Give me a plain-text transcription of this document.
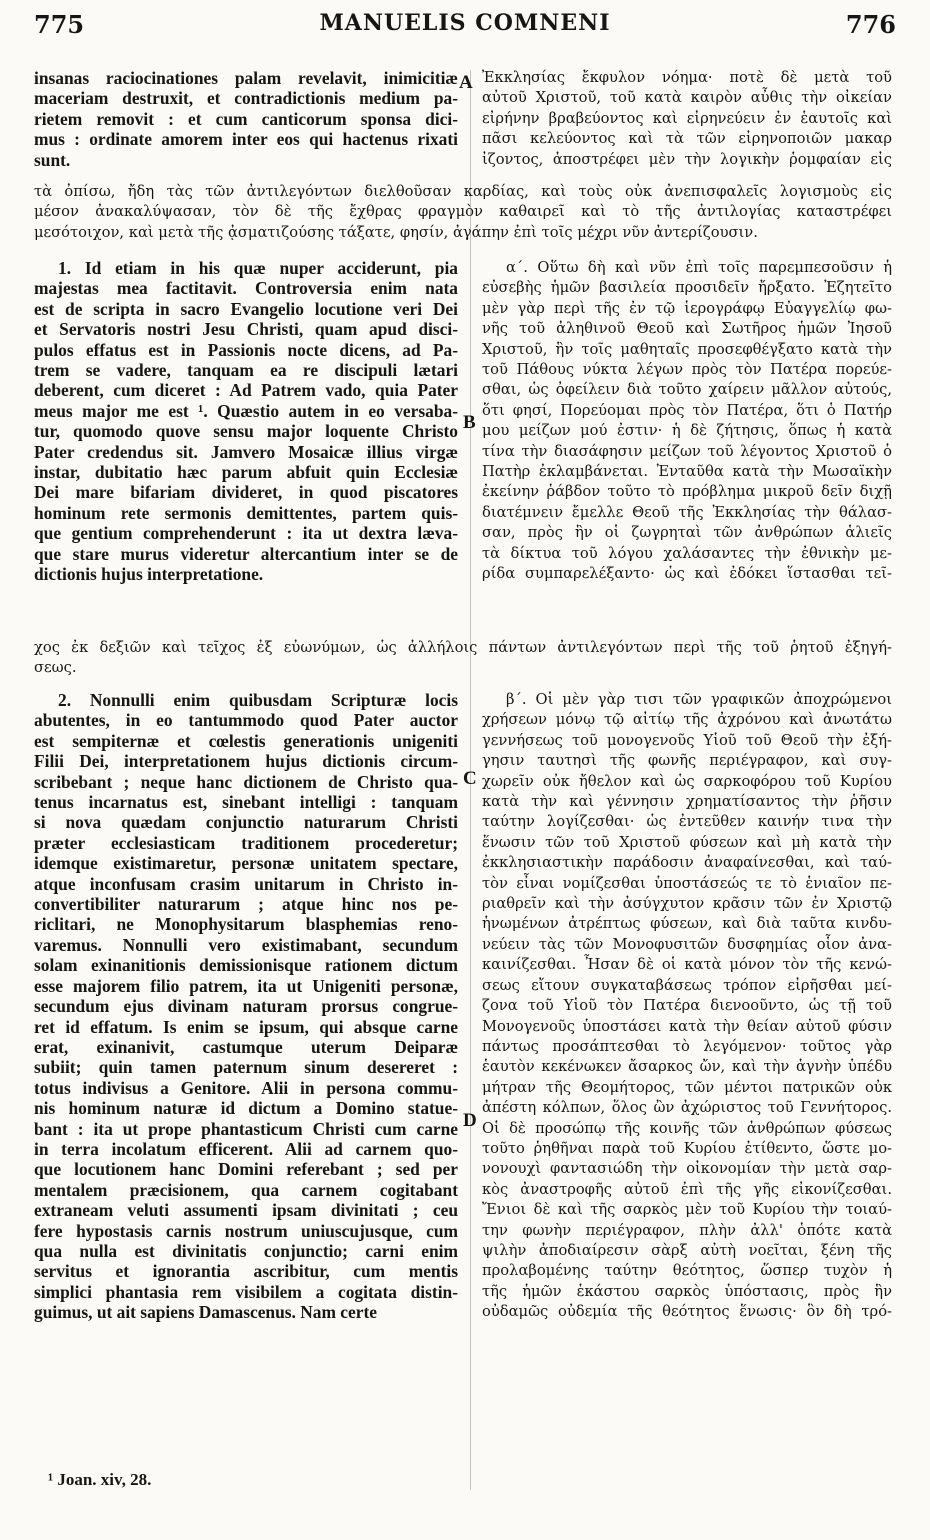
775	MANUELIS COMNENI	776
A
B
C
D
insanas raciocinationes palam revelavit, inimicitiæ
maceriam destruxit, et contradictionis medium pa-
rietem removit : et cum canticorum sponsa dici-
mus : ordinate amorem inter eos qui hactenus rixati
sunt.
Ἐκκλησίας ἔκφυλον νόημα· ποτὲ δὲ μετὰ τοῦ
αὐτοῦ Χριστοῦ, τοῦ κατὰ καιρὸν αὖθις τὴν οἰκείαν
εἰρήνην βραβεύοντος καὶ εἰρηνεύειν ἐν ἑαυτοῖς καὶ
πᾶσι κελεύοντος καὶ τὰ τῶν εἰρηνοποιῶν μακαρ
ἰζοντος, ἀποστρέφει μὲν τὴν λογικὴν ῥομφαίαν εἰς
τὰ ὀπίσω, ἤδη τὰς τῶν ἀντιλεγόντων διελθοῦσαν καρδίας, καὶ τοὺς οὐκ ἀνεπισφαλεῖς λογισμοὺς εἰς
μέσον ἀνακαλύψασαν, τὸν δὲ τῆς ἔχθρας φραγμὸν καθαιρεῖ καὶ τὸ τῆς ἀντιλογίας καταστρέφει
μεσότοιχον, καὶ μετὰ τῆς ᾀσματιζούσης τάξατε, φησίν, ἀγάπην ἐπὶ τοῖς μέχρι νῦν ἀντερίζουσιν.
1. Id etiam in his quæ nuper acciderunt, pia
majestas mea factitavit. Controversia enim nata
est de scripta in sacro Evangelio locutione veri Dei
et Servatoris nostri Jesu Christi, quam apud disci-
pulos effatus est in Passionis nocte dicens, ad Pa-
trem se vadere, tanquam ea re discipuli lætari
deberent, cum diceret : Ad Patrem vado, quia Pater
meus major me est ¹. Quæstio autem in eo versaba-
tur, quomodo quove sensu major loquente Christo
Pater credendus sit. Jamvero Mosaicæ illius virgæ
instar, dubitatio hæc parum abfuit quin Ecclesiæ
Dei mare bifariam divideret, in quod piscatores
hominum rete sermonis demittentes, partem quis-
que gentium comprehenderunt : ita ut dextra lævа-
que stare murus videretur altercantium inter se de
dictionis hujus interpretatione.
α΄. Οὕτω δὴ καὶ νῦν ἐπὶ τοῖς παρεμπεσοῦσιν ἡ
εὐσεβὴς ἡμῶν βασιλεία προσιδεῖν ἤρξατο. Ἐζητεῖτο
μὲν γὰρ περὶ τῆς ἐν τῷ ἱερογράφῳ Εὐαγγελίῳ φω-
νῆς τοῦ ἀληθινοῦ Θεοῦ καὶ Σωτῆρος ἡμῶν Ἰησοῦ
Χριστοῦ, ἣν τοῖς μαθηταῖς προσεφθέγξατο κατὰ τὴν
τοῦ Πάθους νύκτα λέγων πρὸς τὸν Πατέρα πορεύε-
σθαι, ὡς ὀφείλειν διὰ τοῦτο χαίρειν μᾶλλον αὐτούς,
ὅτι φησί, Πορεύομαι πρὸς τὸν Πατέρα, ὅτι ὁ Πατήρ
μου μείζων μού ἐστιν· ἡ δὲ ζήτησις, ὅπως ἡ κατὰ
τίνα τὴν διασάφησιν μείζων τοῦ λέγοντος Χριστοῦ ὁ
Πατὴρ ἐκλαμβάνεται. Ἐνταῦθα κατὰ τὴν Μωσαϊκὴν
ἐκείνην ῥάβδον τοῦτο τὸ πρόβλημα μικροῦ δεῖν διχῇ
διατέμνειν ἔμελλε Θεοῦ τῆς Ἐκκλησίας τὴν θάλασ-
σαν, πρὸς ἣν οἱ ζωγρηταὶ τῶν ἀνθρώπων ἁλιεῖς
τὰ δίκτυα τοῦ λόγου χαλάσαντες τὴν ἐθνικὴν με-
ρίδα συμπαρελέξαντο· ὡς καὶ ἐδόκει ἵστασθαι τεῖ-
χος ἐκ δεξιῶν καὶ τεῖχος ἐξ εὐωνύμων, ὡς ἀλλήλοις πάντων ἀντιλεγόντων περὶ τῆς τοῦ ῥητοῦ ἐξηγή-
σεως.
2. Nonnulli enim quibusdam Scripturæ locis
abutentes, in eo tantummodo quod Pater auctor
est sempiternæ et cœlestis generationis unigeniti
Filii Dei, interpretationem hujus dictionis circum-
scribebant ; neque hanc dictionem de Christo qua-
tenus incarnatus est, sinebant intelligi : tanquam
si nova quædam conjunctio naturarum Christi
præter ecclesiasticam traditionem procederetur;
idemque existimaretur, personæ unitatem spectare,
atque inconfusam crasim unitarum in Christo in-
convertibiliter naturarum ; atque hinc nos pe-
riclitari, ne Monophysitarum blasphemias reno-
varemus. Nonnulli vero existimabant, secundum
solam exinanitionis demissionisque rationem dictum
esse majorem filio patrem, ita ut Unigeniti personæ,
secundum ejus divinam naturam prorsus congrue-
ret id effatum. Is enim se ipsum, qui absque carne
erat, exinanivit, castumque uterum Deiparæ
subiit; quin tamen paternum sinum desereret :
totus indivisus a Genitore. Alii in persona commu-
nis hominum naturæ id dictum a Domino statue-
bant : ita ut prope phantasticum Christi cum carne
in terra incolatum efficerent. Alii ad carnem quo-
que locutionem hanc Domini referebant ; sed per
mentalem præcisionem, qua carnem cogitabant
extraneam veluti assumenti ipsam divinitati ; ceu
fere hypostasis carnis nostrum uniuscujusque, cum
qua nulla est divinitatis conjunctio; carni enim
servitus et ignorantia ascribitur, cum mentis
simplici phantasia rem visibilem a cogitata distin-
guimus, ut ait sapiens Damascenus. Nam certe
β΄. Οἱ μὲν γὰρ τισι τῶν γραφικῶν ἀποχρώμενοι
χρήσεων μόνῳ τῷ αἰτίῳ τῆς ἀχρόνου καὶ ἀνωτάτω
γεννήσεως τοῦ μονογενοῦς Υἱοῦ τοῦ Θεοῦ τὴν ἐξή-
γησιν ταυτησὶ τῆς φωνῆς περιέγραφον, καὶ συγ-
χωρεῖν οὐκ ἤθελον καὶ ὡς σαρκοφόρου τοῦ Κυρίου
κατὰ τὴν καὶ γέννησιν χρηματίσαντος τὴν ῥῆσιν
ταύτην λογίζεσθαι· ὡς ἐντεῦθεν καινήν τινα τὴν
ἕνωσιν τῶν τοῦ Χριστοῦ φύσεων καὶ μὴ κατὰ τὴν
ἐκκλησιαστικὴν παράδοσιν ἀναφαίνεσθαι, καὶ ταύ-
τὸν εἶναι νομίζεσθαι ὑποστάσεώς τε τὸ ἑνιαῖον πε-
ριαθρεῖν καὶ τὴν ἀσύγχυτον κρᾶσιν τῶν ἐν Χριστῷ
ἡνωμένων ἀτρέπτως φύσεων, καὶ διὰ ταῦτα κινδυ-
νεύειν τὰς τῶν Μονοφυσιτῶν δυσφημίας οἷον ἀνα-
καινίζεσθαι. Ἦσαν δὲ οἱ κατὰ μόνον τὸν τῆς κενώ-
σεως εἴτουν συγκαταβάσεως τρόπον εἰρῆσθαι μεί-
ζονα τοῦ Υἱοῦ τὸν Πατέρα διενοοῦντο, ὡς τῇ τοῦ
Μονογενοῦς ὑποστάσει κατὰ τὴν θείαν αὐτοῦ φύσιν
πάντως προσάπτεσθαι τὸ λεγόμενον· τοῦτος γὰρ
ἑαυτὸν κεκένωκεν ἄσαρκος ὤν, καὶ τὴν ἁγνὴν ὑπέδυ
μήτραν τῆς Θεομήτορος, τῶν μέντοι πατρικῶν οὐκ
ἀπέστη κόλπων, ὅλος ὢν ἀχώριστος τοῦ Γεννήτορος.
Οἱ δὲ προσώπῳ τῆς κοινῆς τῶν ἀνθρώπων φύσεως
τοῦτο ῥηθῆναι παρὰ τοῦ Κυρίου ἐτίθεντο, ὥστε μο-
νονουχὶ φαντασιώδη τὴν οἰκονομίαν τὴν μετὰ σαρ-
κὸς ἀναστροφῆς αὐτοῦ ἐπὶ τῆς γῆς εἰκονίζεσθαι.
Ἔνιοι δὲ καὶ τῆς σαρκὸς μὲν τοῦ Κυρίου τὴν τοιαύ-
την φωνὴν περιέγραφον, πλὴν ἀλλ' ὁπότε κατὰ
ψιλὴν ἀποδιαίρεσιν σὰρξ αὐτὴ νοεῖται, ξένη τῆς
προλαβομένης ταύτην θεότητος, ὥσπερ τυχὸν ἡ
τῆς ἡμῶν ἑκάστου σαρκὸς ὑπόστασις, πρὸς ἣν
οὐδαμῶς οὐδεμία τῆς θεότητος ἕνωσις· ὃν δὴ τρό-
¹ Joan. xiv, 28.
